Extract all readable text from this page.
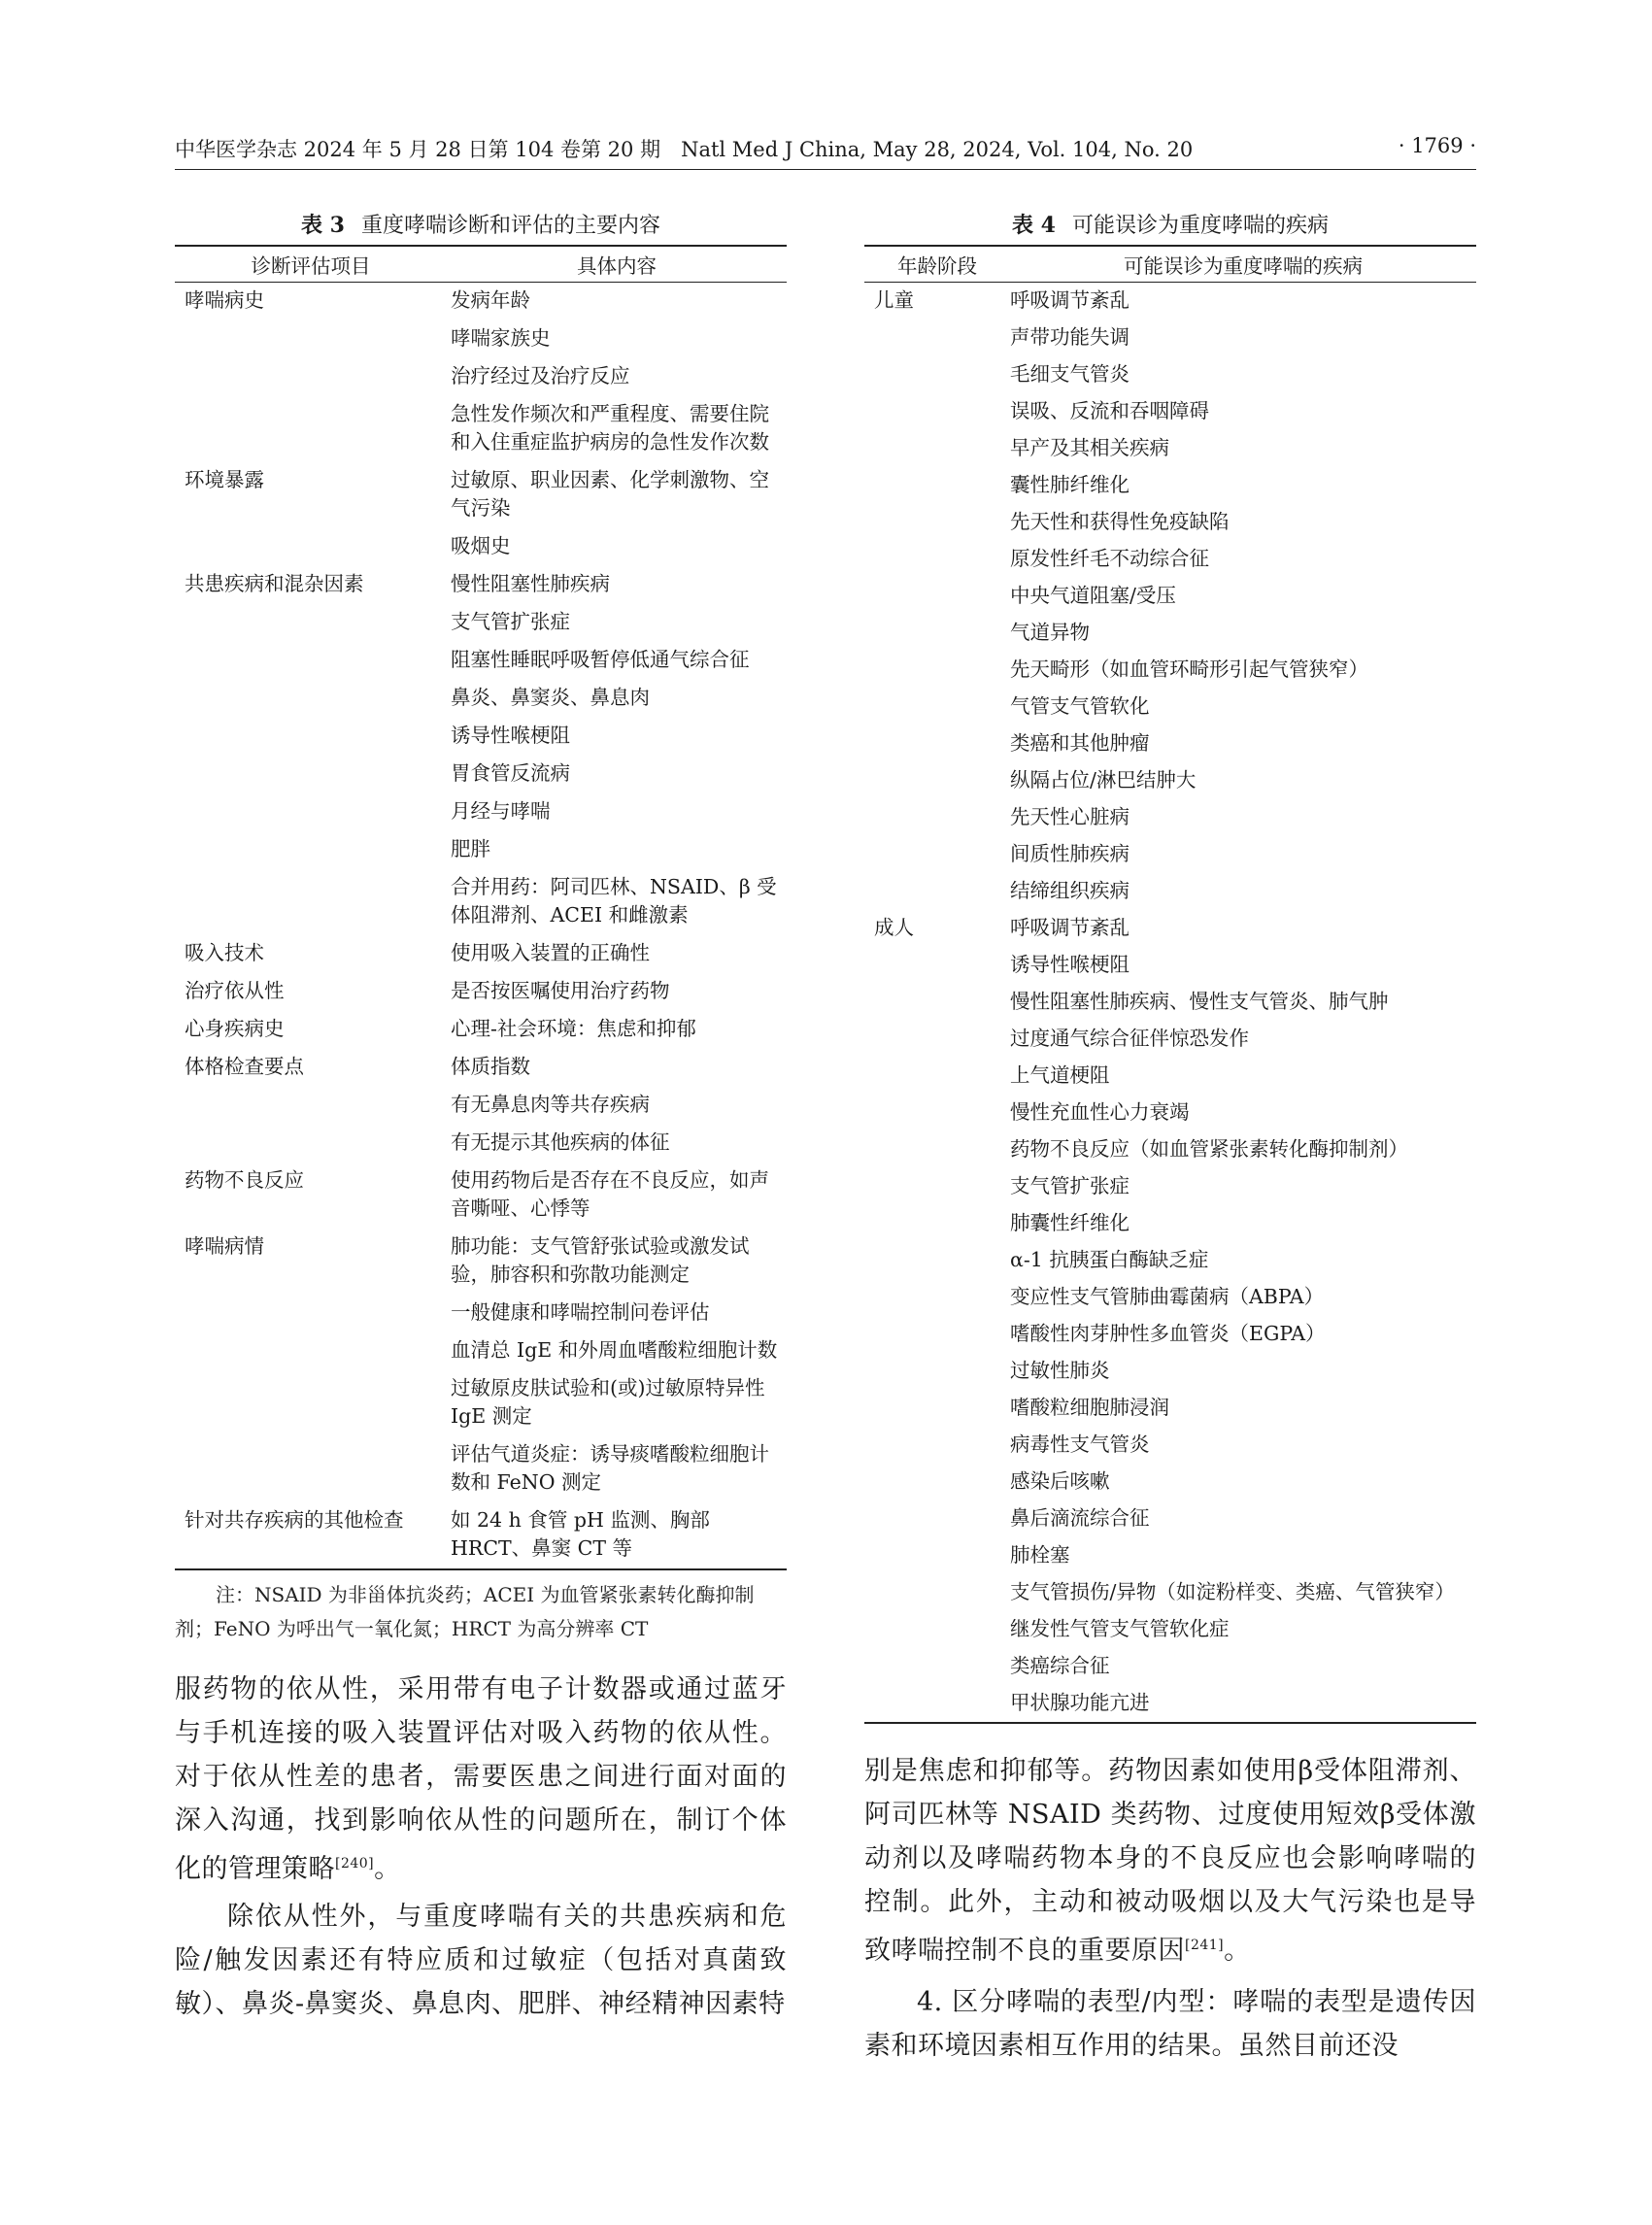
中华医学杂志 2024 年 5 月 28 日第 104 卷第 20 期　Natl Med J China, May 28, 2024, Vol. 104, No. 20	· 1769 ·
表 3 重度哮喘诊断和评估的主要内容
诊断评估项目	具体内容
哮喘病史	发病年龄
	哮喘家族史
	治疗经过及治疗反应
	急性发作频次和严重程度、需要住院和入住重症监护病房的急性发作次数
环境暴露	过敏原、职业因素、化学刺激物、空气污染
	吸烟史
共患疾病和混杂因素	慢性阻塞性肺疾病
	支气管扩张症
	阻塞性睡眠呼吸暂停低通气综合征
	鼻炎、鼻窦炎、鼻息肉
	诱导性喉梗阻
	胃食管反流病
	月经与哮喘
	肥胖
	合并用药：阿司匹林、NSAID、β 受体阻滞剂、ACEI 和雌激素
吸入技术	使用吸入装置的正确性
治疗依从性	是否按医嘱使用治疗药物
心身疾病史	心理-社会环境：焦虑和抑郁
体格检查要点	体质指数
	有无鼻息肉等共存疾病
	有无提示其他疾病的体征
药物不良反应	使用药物后是否存在不良反应，如声音嘶哑、心悸等
哮喘病情	肺功能：支气管舒张试验或激发试验，肺容积和弥散功能测定
	一般健康和哮喘控制问卷评估
	血清总 IgE 和外周血嗜酸粒细胞计数
	过敏原皮肤试验和(或)过敏原特异性 IgE 测定
	评估气道炎症：诱导痰嗜酸粒细胞计数和 FeNO 测定
针对共存疾病的其他检查	如 24 h 食管 pH 监测、胸部 HRCT、鼻窦 CT 等
注：NSAID 为非甾体抗炎药；ACEI 为血管紧张素转化酶抑制剂；FeNO 为呼出气一氧化氮；HRCT 为高分辨率 CT

服药物的依从性，采用带有电子计数器或通过蓝牙与手机连接的吸入装置评估对吸入药物的依从性。对于依从性差的患者，需要医患之间进行面对面的深入沟通，找到影响依从性的问题所在，制订个体化的管理策略[240]。

除依从性外，与重度哮喘有关的共患疾病和危险/触发因素还有特应质和过敏症（包括对真菌致敏）、鼻炎-鼻窦炎、鼻息肉、肥胖、神经精神因素特

表 4 可能误诊为重度哮喘的疾病
年龄阶段	可能误诊为重度哮喘的疾病
儿童	呼吸调节紊乱
	声带功能失调
	毛细支气管炎
	误吸、反流和吞咽障碍
	早产及其相关疾病
	囊性肺纤维化
	先天性和获得性免疫缺陷
	原发性纤毛不动综合征
	中央气道阻塞/受压
	气道异物
	先天畸形（如血管环畸形引起气管狭窄）
	气管支气管软化
	类癌和其他肿瘤
	纵隔占位/淋巴结肿大
	先天性心脏病
	间质性肺疾病
	结缔组织疾病
成人	呼吸调节紊乱
	诱导性喉梗阻
	慢性阻塞性肺疾病、慢性支气管炎、肺气肿
	过度通气综合征伴惊恐发作
	上气道梗阻
	慢性充血性心力衰竭
	药物不良反应（如血管紧张素转化酶抑制剂）
	支气管扩张症
	肺囊性纤维化
	α-1 抗胰蛋白酶缺乏症
	变应性支气管肺曲霉菌病（ABPA）
	嗜酸性肉芽肿性多血管炎（EGPA）
	过敏性肺炎
	嗜酸粒细胞肺浸润
	病毒性支气管炎
	感染后咳嗽
	鼻后滴流综合征
	肺栓塞
	支气管损伤/异物（如淀粉样变、类癌、气管狭窄）
	继发性气管支气管软化症
	类癌综合征
	甲状腺功能亢进

别是焦虑和抑郁等。药物因素如使用β受体阻滞剂、阿司匹林等 NSAID 类药物、过度使用短效β受体激动剂以及哮喘药物本身的不良反应也会影响哮喘的控制。此外，主动和被动吸烟以及大气污染也是导致哮喘控制不良的重要原因[241]。

4. 区分哮喘的表型/内型：哮喘的表型是遗传因素和环境因素相互作用的结果。虽然目前还没
